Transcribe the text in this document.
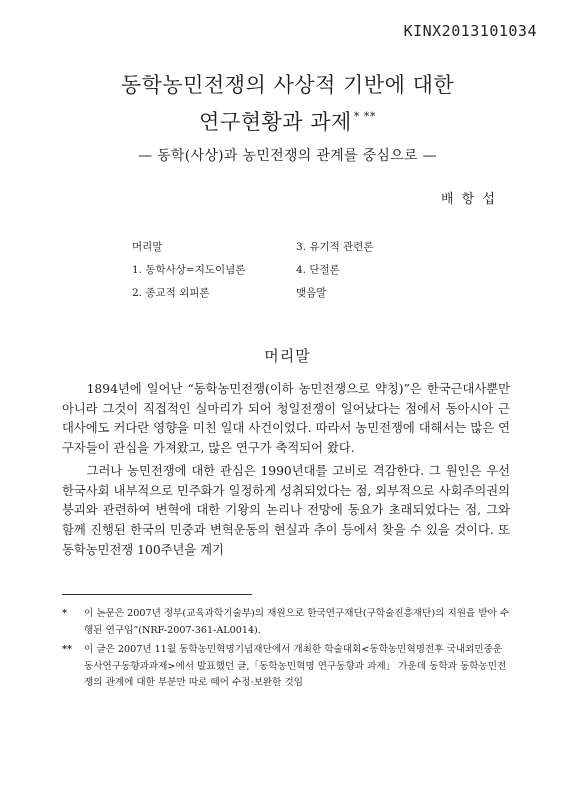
KINX2013101034
동학농민전쟁의 사상적 기반에 대한
연구현황과 과제 * **
— 동학(사상)과 농민전쟁의 관계를 중심으로 —
배 항 섭
머리말
1. 동학사상=지도이념론
2. 종교적 외피론
3. 유기적 관련론
4. 단절론
맺음말
머리말

1894년에 일어난 “동학농민전쟁(이하 농민전쟁으로 약칭)”은 한국근대사뿐만 아니라 그것이 직접적인 실마리가 되어 청일전쟁이 일어났다는 점에서 동아시아 근대사에도 커다란 영향을 미친 일대 사건이었다. 따라서 농민전쟁에 대해서는 많은 연구자들이 관심을 가져왔고, 많은 연구가 축적되어 왔다.

그러나 농민전쟁에 대한 관심은 1990년대를 고비로 격감한다. 그 원인은 우선 한국사회 내부적으로 민주화가 일정하게 성취되었다는 점, 외부적으로 사회주의권의 붕괴와 관련하여 변혁에 대한 기왕의 논리나 전망에 동요가 초래되었다는 점, 그와 함께 진행된 한국의 민중과 변혁운동의 현실과 추이 등에서 찾을 수 있을 것이다. 또 동학농민전쟁 100주년을 계기

* 이 논문은 2007년 정부(교육과학기술부)의 재원으로 한국연구재단(구학술진흥재단)의 지원을 받아 수행된 연구임”(NRF-2007-361-AL0014).
** 이 글은 2007년 11월 동학농민혁명기념재단에서 개최한 학술대회<동학농민혁명전후 국내외민중운동사연구동향과과제>에서 발표했던 글,「동학농민혁명 연구동향과 과제」 가운데 동학과 동학농민전쟁의 관계에 대한 부분만 따로 떼어 수정·보완한 것임
